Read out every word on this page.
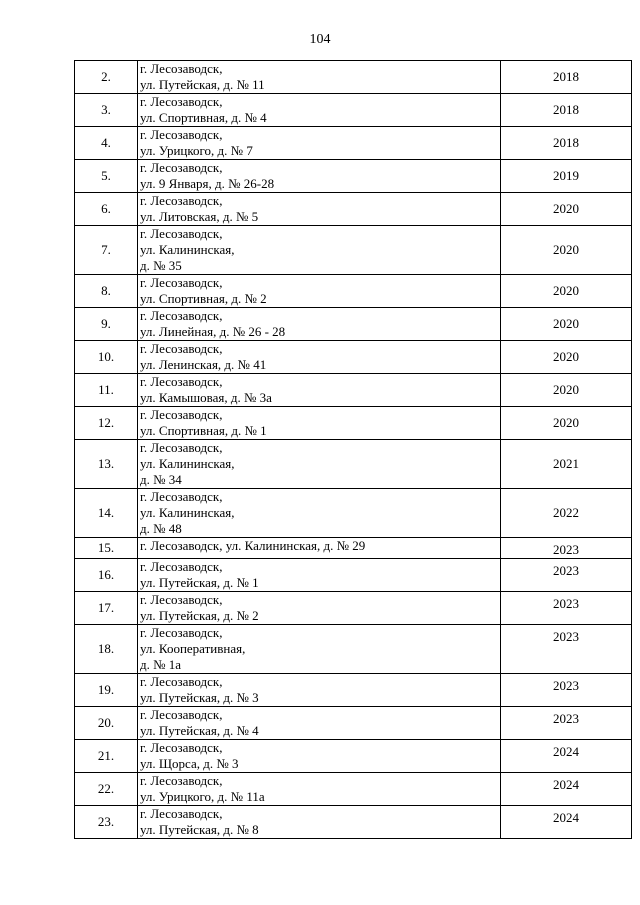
104
2.	г. Лесозаводск,
ул. Путейская, д. № 11	2018
3.	г. Лесозаводск,
ул. Спортивная, д. № 4	2018
4.	г. Лесозаводск,
ул. Урицкого, д. № 7	2018
5.	г. Лесозаводск,
ул. 9 Января, д. № 26-28	2019
6.	г. Лесозаводск,
ул. Литовская, д. № 5	2020
7.	г. Лесозаводск,
ул. Калининская,
д. № 35	2020
8.	г. Лесозаводск,
ул. Спортивная, д. № 2	2020
9.	г. Лесозаводск,
ул. Линейная, д. № 26 - 28	2020
10.	г. Лесозаводск,
ул. Ленинская, д. № 41	2020
11.	г. Лесозаводск,
ул. Камышовая, д. № 3а	2020
12.	г. Лесозаводск,
ул. Спортивная, д. № 1	2020
13.	г. Лесозаводск,
ул. Калининская,
д. № 34	2021
14.	г. Лесозаводск,
ул. Калининская,
д. № 48	2022
15.	г. Лесозаводск, ул. Калининская, д. № 29	2023
16.	г. Лесозаводск,
ул. Путейская, д. № 1	2023
17.	г. Лесозаводск,
ул. Путейская, д. № 2	2023
18.	г. Лесозаводск,
ул. Кооперативная,
д. № 1а	2023
19.	г. Лесозаводск,
ул. Путейская, д. № 3	2023
20.	г. Лесозаводск,
ул. Путейская, д. № 4	2023
21.	г. Лесозаводск,
ул. Щорса, д. № 3	2024
22.	г. Лесозаводск,
ул. Урицкого, д. № 11а	2024
23.	г. Лесозаводск,
ул. Путейская, д. № 8	2024
